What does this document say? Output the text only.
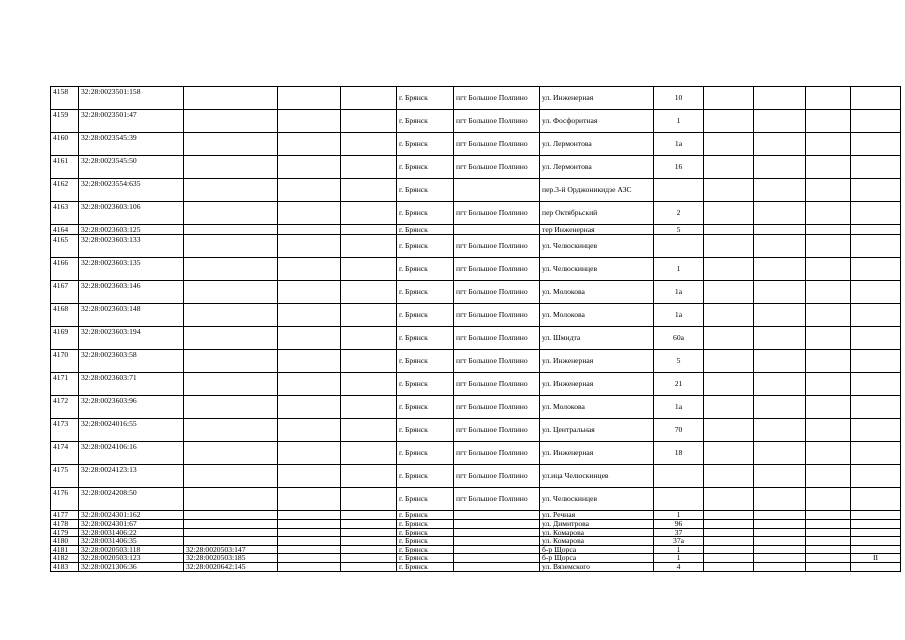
4158	32:28:0023501:158				г. Брянск	пгт Большое Полпино	ул. Инженерная	10				
4159	32:28:0023501:47				г. Брянск	пгт Большое Полпино	ул. Фосфоритная	1				
4160	32:28:0023545:39				г. Брянск	пгт Большое Полпино	ул. Лермонтова	1а				
4161	32:28:0023545:50				г. Брянск	пгт Большое Полпино	ул. Лермонтова	16				
4162	32:28:0023554:635				г. Брянск		пер.3-й Орджоникидзе АЗС					
4163	32:28:0023603:106				г. Брянск	пгт Большое Полпино	пер Октябрьский	2				
4164	32:28:0023603:125				г. Брянск		тер Инженерная	5				
4165	32:28:0023603:133				г. Брянск	пгт Большое Полпино	ул. Челюскинцев					
4166	32:28:0023603:135				г. Брянск	пгт Большое Полпино	ул. Челюскинцев	1				
4167	32:28:0023603:146				г. Брянск	пгт Большое Полпино	ул. Молокова	1а				
4168	32:28:0023603:148				г. Брянск	пгт Большое Полпино	ул. Молокова	1а				
4169	32:28:0023603:194				г. Брянск	пгт Большое Полпино	ул. Шмидта	60а				
4170	32:28:0023603:58				г. Брянск	пгт Большое Полпино	ул. Инженерная	5				
4171	32:28:0023603:71				г. Брянск	пгт Большое Полпино	ул. Инженерная	21				
4172	32:28:0023603:96				г. Брянск	пгт Большое Полпино	ул. Молокова	1а				
4173	32:28:0024016:55				г. Брянск	пгт Большое Полпино	ул. Центральная	70				
4174	32:28:0024106:16				г. Брянск	пгт Большое Полпино	ул. Инженерная	18				
4175	32:28:0024123:13				г. Брянск	пгт Большое Полпино	ул.ица Челюскинцев					
4176	32:28:0024208:50				г. Брянск	пгт Большое Полпино	ул. Челюскинцев					
4177	32:28:0024301:162				г. Брянск		ул. Речная	1				
4178	32:28:0024301:67				г. Брянск		ул. Димитрова	96				
4179	32:28:0031406:22				г. Брянск		ул. Комарова	37				
4180	32:28:0031406:35				г. Брянск		ул. Комарова	37а				
4181	32:28:0020503:118	32:28:0020503:147			г. Брянск		б-р Щорса	1				
4182	32:28:0020503:123	32:28:0020503:185			г. Брянск		б-р Щорса	1				II
4183	32:28:0021306:36	32:28:0020642:145			г. Брянск		ул. Вяземского	4				
